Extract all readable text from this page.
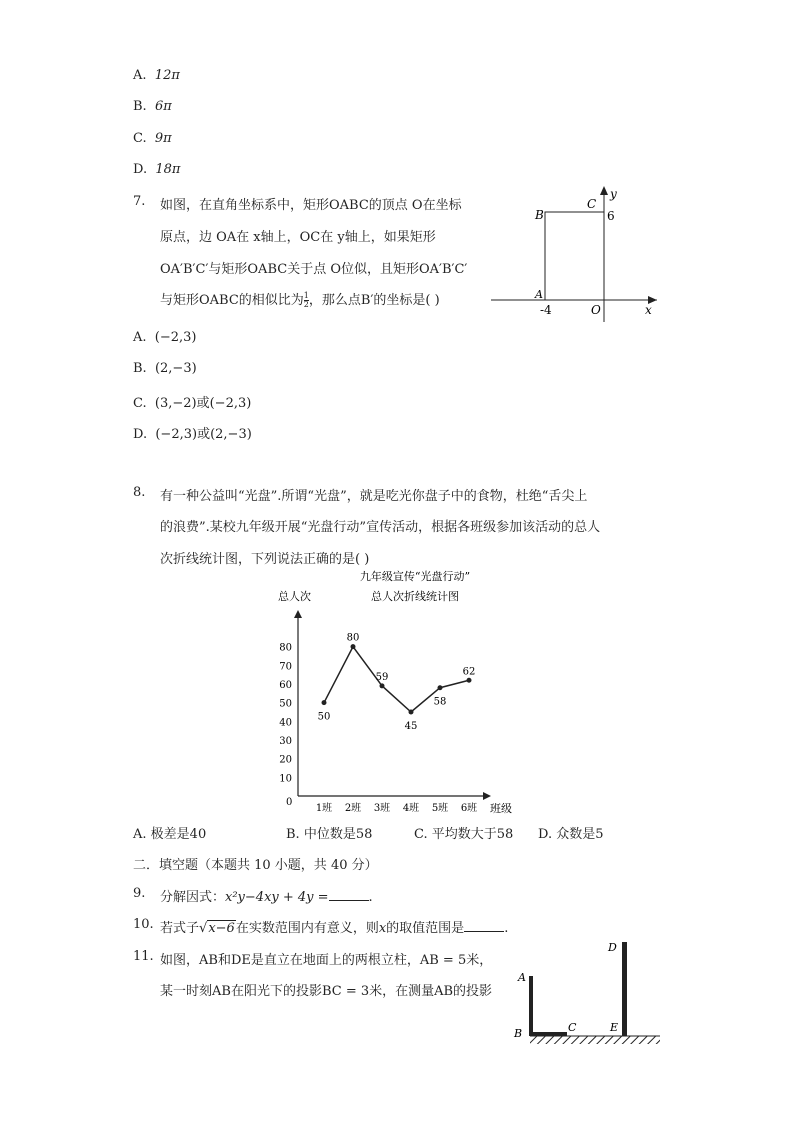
A. 12π
B. 6π
C. 9π
D. 18π
7. 如图，在直角坐标系中，矩形OABC的顶点 O在坐标
原点，边 OA在 x轴上，OC在 y轴上，如果矩形
OA′B′C′与矩形OABC关于点 O位似，且矩形OA′B′C′
与矩形OABC的相似比为 $\frac{1}{2}$ ，那么点B′的坐标是( )
y
B
C
6
A
-4	O	x
A. (−2,3)
B. (2,−3)
C. (3,−2)或(−2,3)
D. (−2,3)或(2,−3)
8. 有一种公益叫“光盘”.所谓“光盘”，就是吃光你盘子中的食物，杜绝“舌尖上
的浪费”.某校九年级开展“光盘行动”宣传活动，根据各班级参加该活动的总人
次折线统计图，下列说法正确的是( )
九年级宣传“光盘行动”
总人次折线统计图
总人次
班级
0
10
20
30
40
50
60
70
80
1班 2班 3班 4班 5班 6班
50
80
59
45
58
62
A. 极差是40	B. 中位数是58	C. 平均数大于58 D. 众数是5
二．填空题（本题共 10 小题，共 40 分）
9. 分解因式：x²y−4xy + 4y =	.
10. 若式子√x−6在实数范围内有意义，则x的取值范围是	.
11. 如图，AB和DE是直立在地面上的两根立柱，AB = 5米，
某一时刻AB在阳光下的投影BC = 3米，在测量AB的投影
A
B	C
D
E
